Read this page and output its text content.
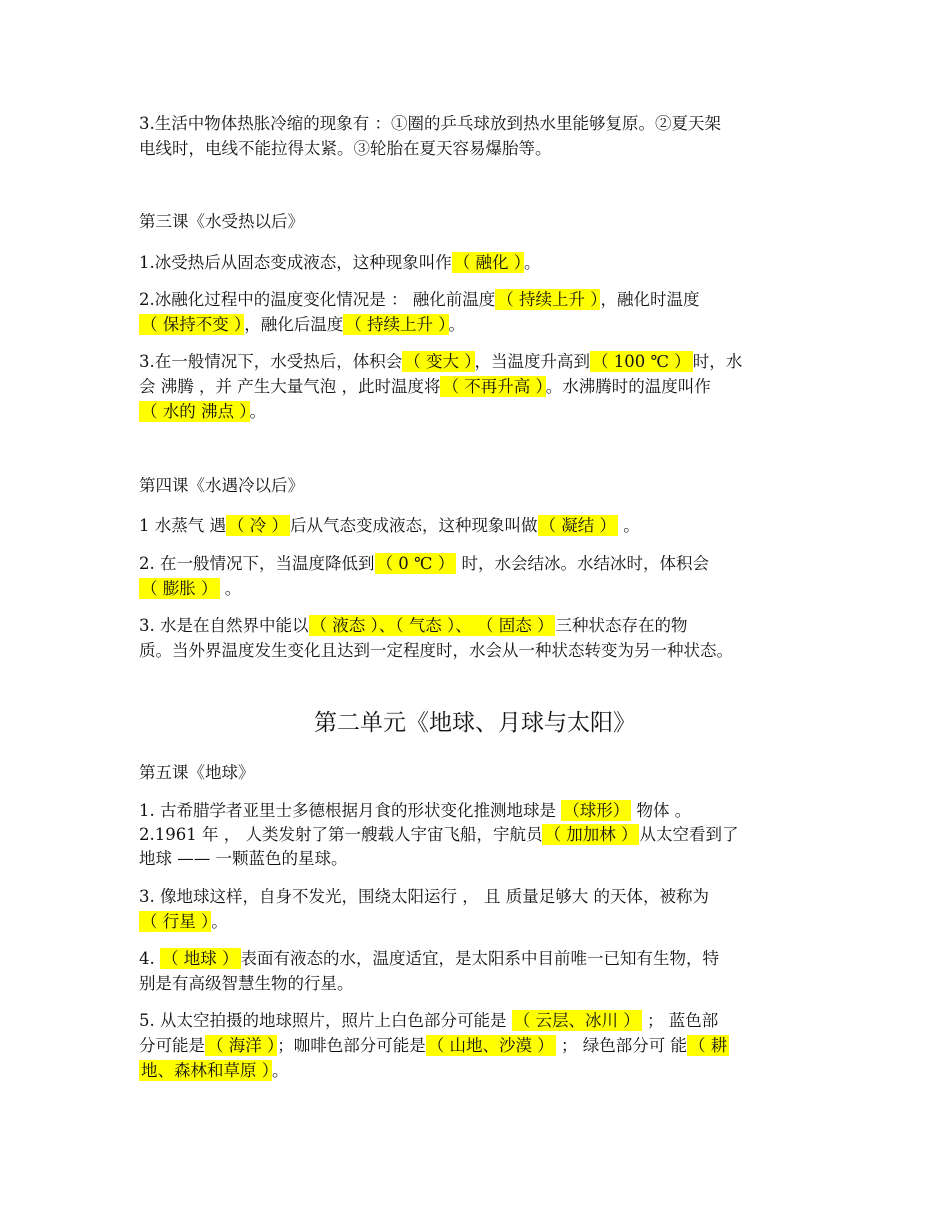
3.生活中物体热胀冷缩的现象有 ：①圈的乒乓球放到热水里能够复原。②夏天架

电线时，电线不能拉得太紧。③轮胎在夏天容易爆胎等。

第三课《水受热以后》

1.冰受热后从固态变成液态，这种现象叫作 （ 融化 ） 。

2.冰融化过程中的温度变化情况是 ： 融化前温度 （ 持续上升 ） ，融化时温度

（ 保持不变 ） ，融化后温度 （ 持续上升 ） 。

3.在一般情况下，水受热后，体积会 （ 变大 ） ，当温度升高到 （ 100 ℃ ） 时，水

会 沸腾 ，并 产生大量气泡 ，此时温度将 （ 不再升高 ） 。水沸腾时的温度叫作

（ 水的 沸点 ） 。

第四课《水遇冷以后》

1 水蒸气 遇 （ 冷 ） 后从气态变成液态，这种现象叫做 （ 凝结 ） 。

2. 在一般情况下，当温度降低到 （ 0 ℃ ） 时，水会结冰。水结冰时，体积会

（ 膨胀 ） 。

3. 水是在自然界中能以 （ 液态 ）、（ 气态 ）、 （ 固态 ） 三种状态存在的物

质。当外界温度发生变化且达到一定程度时，水会从一种状态转变为另一种状态。

第二单元《地球、月球与太阳》

第五课《地球》

1. 古希腊学者亚里士多德根据月食的形状变化推测地球是 （球形） 物体 。

2.1961 年 ， 人类发射了第一艘载人宇宙飞船，宇航员 （ 加加林 ） 从太空看到了

地球 —— 一颗蓝色的星球。

3. 像地球这样，自身不发光，围绕太阳运行 ， 且 质量足够大 的天体，被称为

（ 行星 ） 。

4. （ 地球 ） 表面有液态的水，温度适宜，是太阳系中目前唯一已知有生物，特

别是有高级智慧生物的行星。

5. 从太空拍摄的地球照片，照片上白色部分可能是 （ 云层、冰川 ） ； 蓝色部

分可能是 （ 海洋 ） ；咖啡色部分可能是 （ 山地、沙漠 ） ； 绿色部分可 能 （ 耕

地、森林和草原 ） 。
